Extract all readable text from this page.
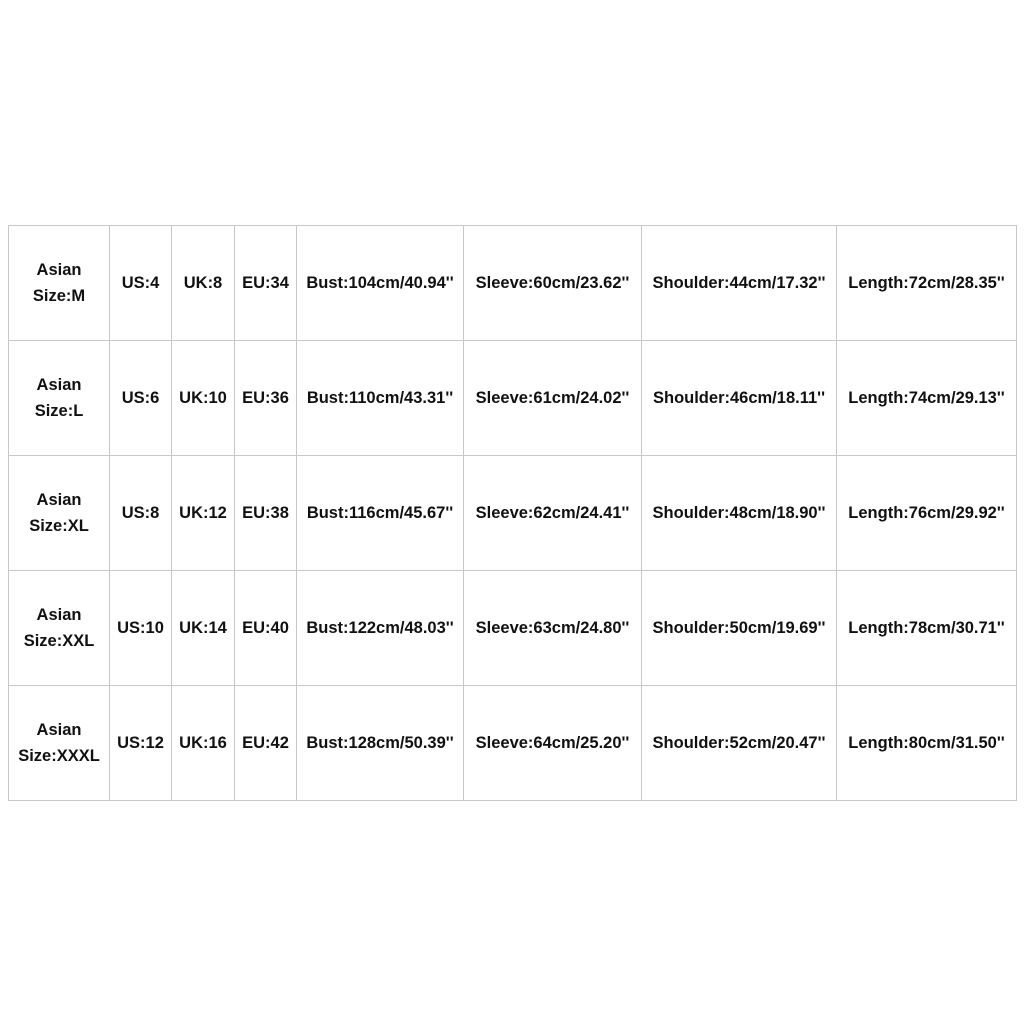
Asian
Size:M	US:4	UK:8	EU:34	Bust:104cm/40.94''	Sleeve:60cm/23.62''	Shoulder:44cm/17.32''	Length:72cm/28.35''

Asian
Size:L	US:6	UK:10	EU:36	Bust:110cm/43.31''	Sleeve:61cm/24.02''	Shoulder:46cm/18.11''	Length:74cm/29.13''

Asian
Size:XL	US:8	UK:12	EU:38	Bust:116cm/45.67''	Sleeve:62cm/24.41''	Shoulder:48cm/18.90''	Length:76cm/29.92''

Asian
Size:XXL	US:10	UK:14	EU:40	Bust:122cm/48.03''	Sleeve:63cm/24.80''	Shoulder:50cm/19.69''	Length:78cm/30.71''

Asian
Size:XXXL	US:12	UK:16	EU:42	Bust:128cm/50.39''	Sleeve:64cm/25.20''	Shoulder:52cm/20.47''	Length:80cm/31.50''
